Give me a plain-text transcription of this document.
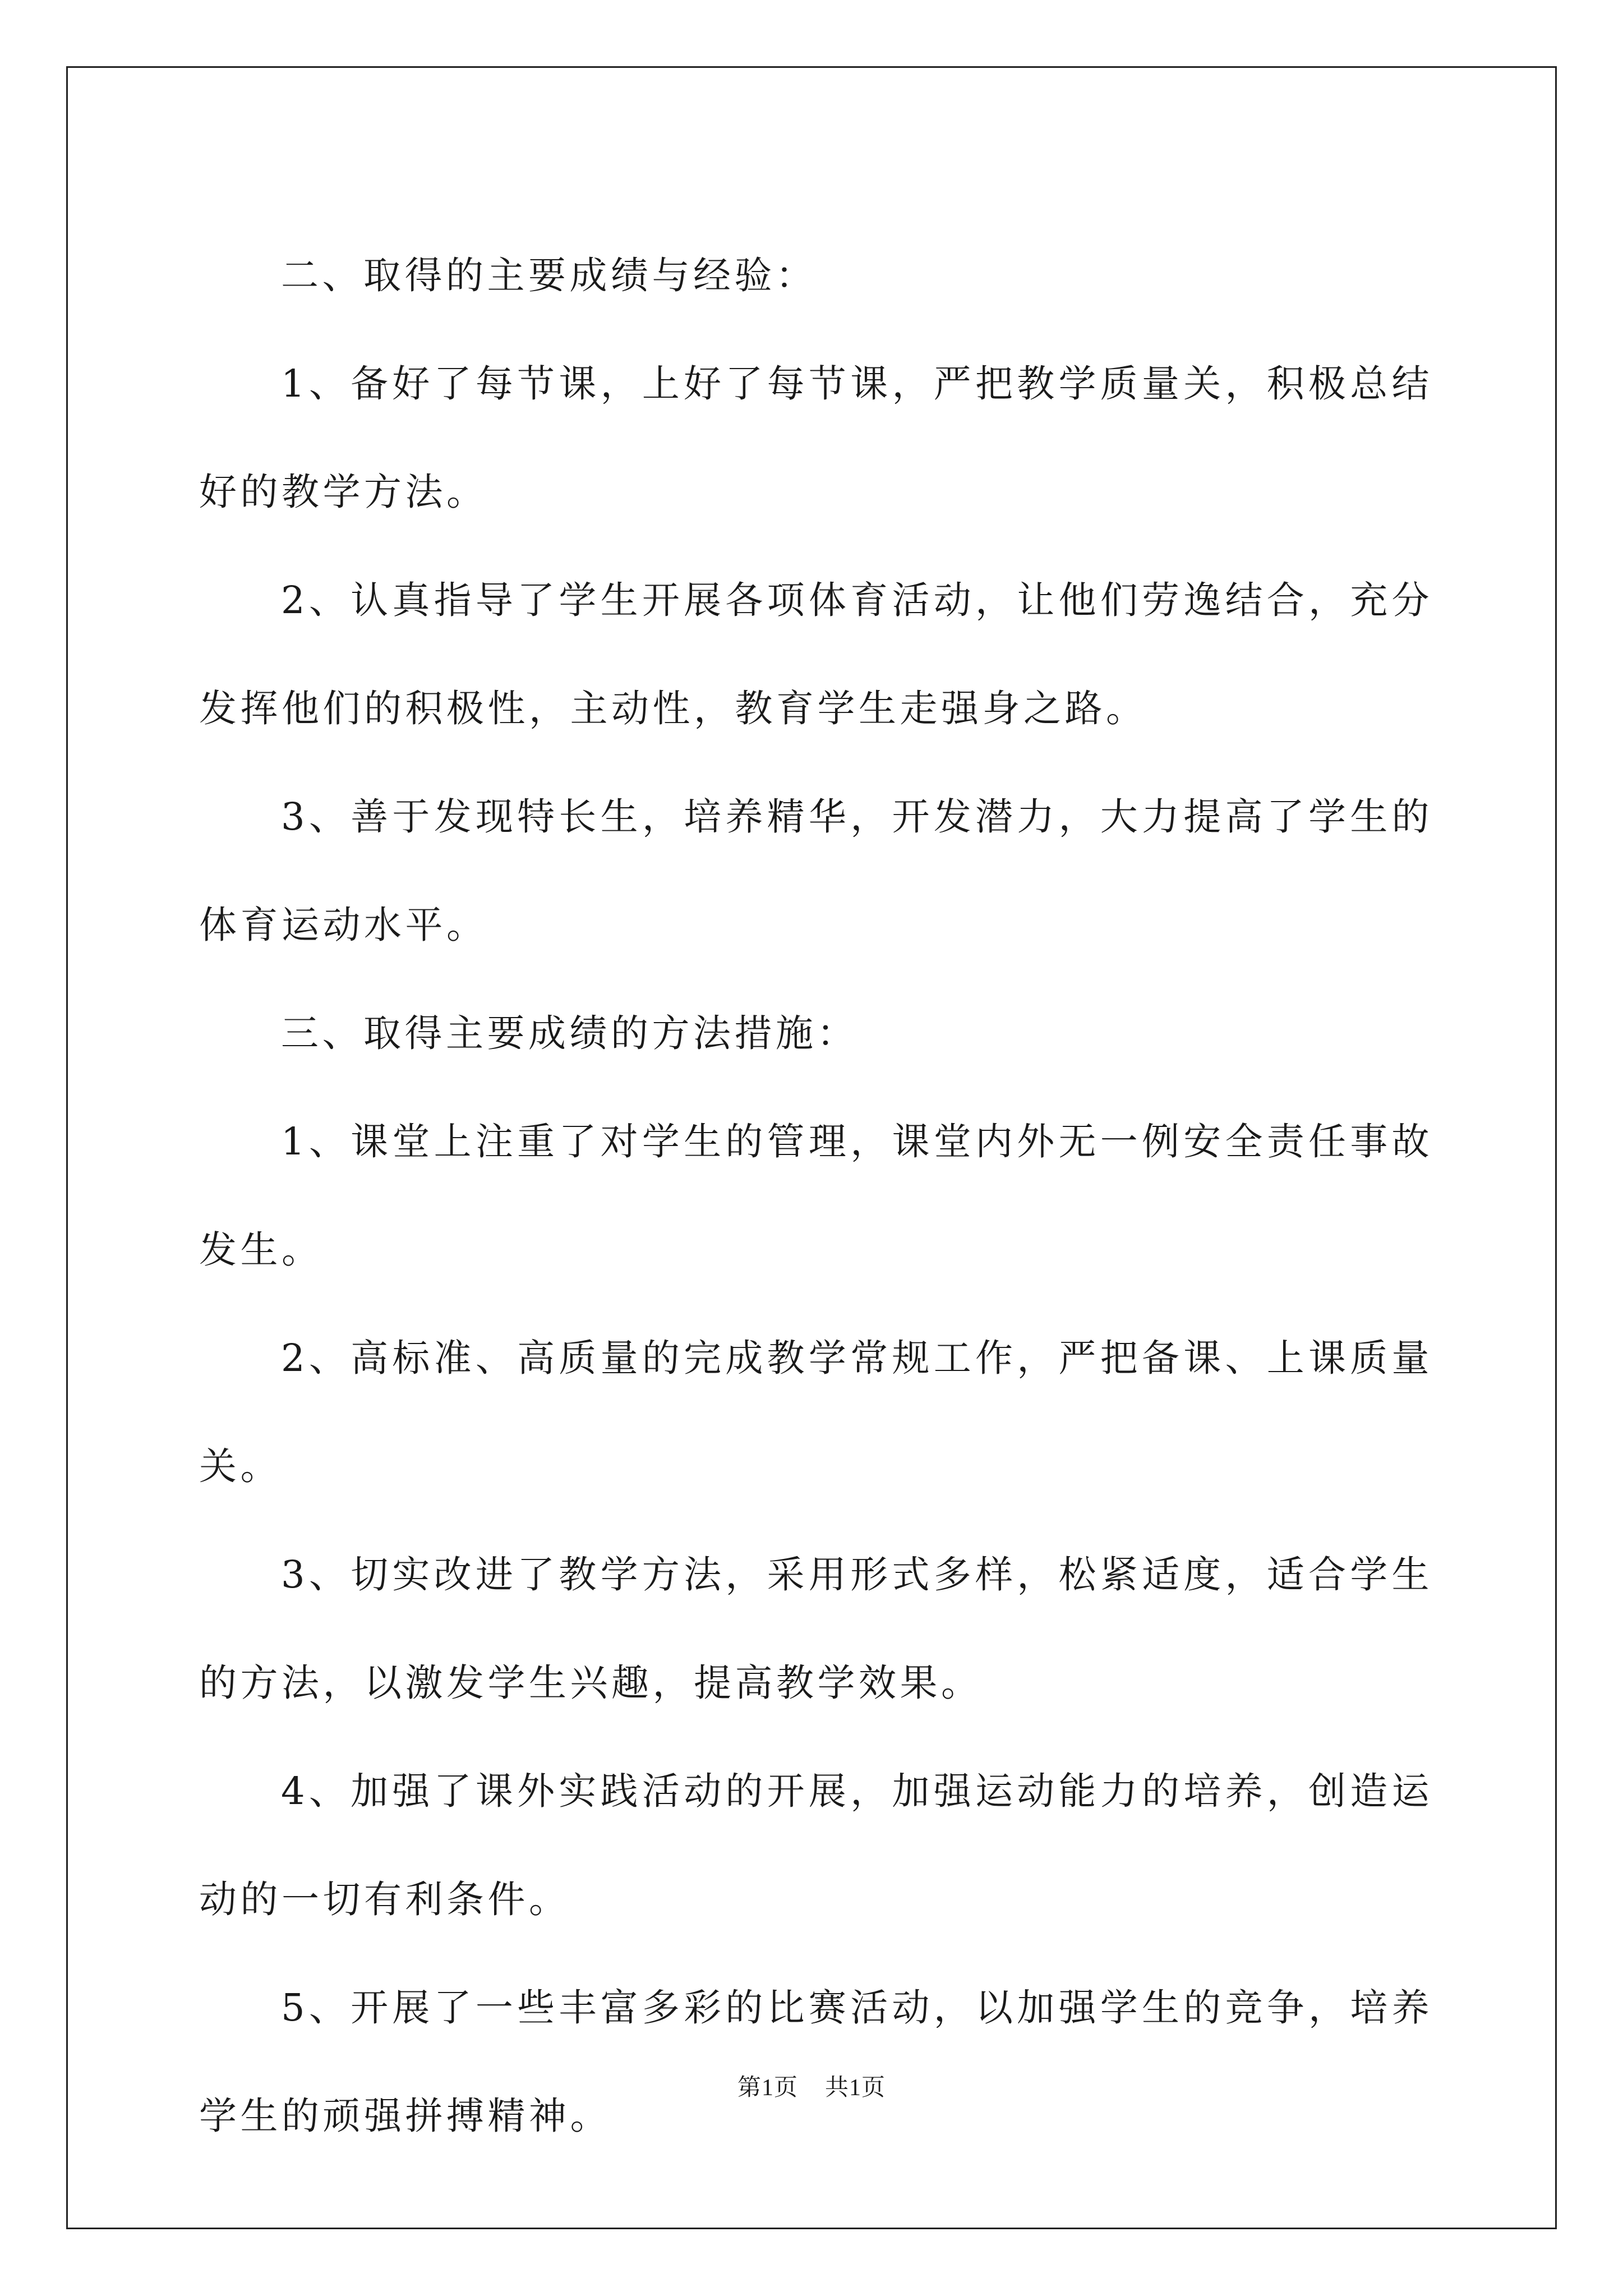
二、取得的主要成绩与经验：

1、备好了每节课，上好了每节课，严把教学质量关，积极总结好的教学方法。

2、认真指导了学生开展各项体育活动，让他们劳逸结合，充分发挥他们的积极性，主动性，教育学生走强身之路。

3、善于发现特长生，培养精华，开发潜力，大力提高了学生的体育运动水平。

三、取得主要成绩的方法措施：

1、课堂上注重了对学生的管理，课堂内外无一例安全责任事故发生。

2、高标准、高质量的完成教学常规工作，严把备课、上课质量关。

3、切实改进了教学方法，采用形式多样，松紧适度，适合学生的方法，以激发学生兴趣，提高教学效果。

4、加强了课外实践活动的开展，加强运动能力的培养，创造运动的一切有利条件。

5、开展了一些丰富多彩的比赛活动，以加强学生的竞争，培养学生的顽强拼搏精神。

第1页 共1页
